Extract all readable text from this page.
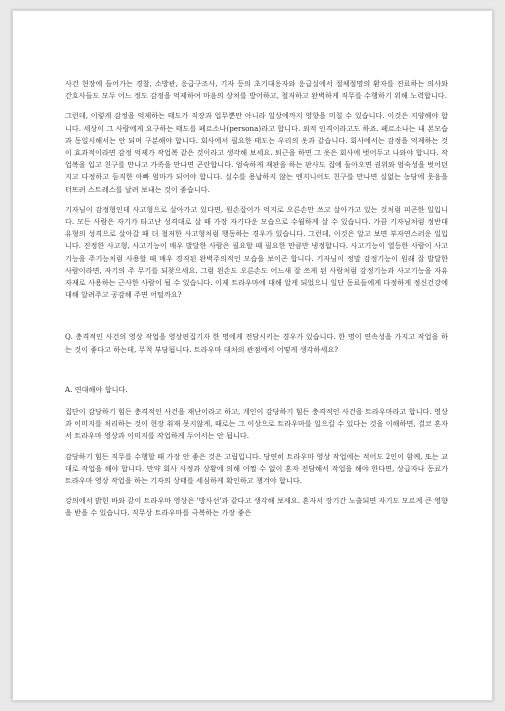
사건 현장에 들어가는 경찰, 소방관, 응급구조사, 기자 등의 초기대응자와 응급실에서 절체절명의 환자를 진료하는 의사와 간호사들도 모두 어느 정도 감정을 억제하여 마음의 상처를 방어하고, 철저하고 완벽하게 직무를 수행하기 위해 노력합니다.

그런데, 이렇게 감정을 억제하는 태도가 직장과 업무뿐만 아니라 일상에까지 영향을 미칠 수 있습니다. 이것은 지양해야 합니다. 세상이 그 사람에게 요구하는 태도를 페르소나(persona)라고 합니다. 외적 인격이라고도 하죠. 페르소나는 내 본모습과 동일시해서는 안 되며 구분해야 합니다. 회사에서 필요한 태도는 우리의 옷과 같습니다. 회사에서는 감정을 억제하는 것이 효과적이라면 감정 억제가 작업복 같은 것이라고 생각해 보세요. 퇴근을 하면 그 옷은 회사에 벗어두고 나와야 합니다. 작업복을 입고 친구를 만나고 가족을 만나면 곤란합니다. 엄숙하게 재판을 하는 판사도 집에 돌아오면 권위와 엄숙성을 벗어던지고 다정하고 듬직한 아빠 엄마가 되어야 합니다. 실수를 용납하지 않는 엔지니어도 친구를 만나면 실없는 농담에 웃음을 터뜨려 스트레스를 날려 보내는 것이 좋습니다.

기자님이 감정형인데 사고형으로 살아가고 있다면, 원손잡이가 억지로 오른손만 쓰고 살아가고 있는 것처럼 피곤한 일입니다. 모든 사람은 자기가 타고난 성격대로 살 때 가장 자기다운 모습으로 수월하게 살 수 있습니다. 가끔 기자님처럼 정반대 유형의 성격으로 살아갈 때 더 철저한 사고형처럼 행동하는 경우가 있습니다. 그런데, 이것은 알고 보면 부자연스러운 일입니다. 진정한 사고형, 사고기능이 매우 발달한 사람은 필요할 때 필요한 만큼만 냉정합니다. 사고기능이 열등한 사람이 사고기능을 주기능처럼 사용할 때 매우 경직된 완벽주의적인 모습을 보이곤 합니다. 기자님이 정말 감정기능이 원래 잘 발달한 사람이라면, 자기의 주 무기를 되찾으세요. 그럼 왼손도 오른손도 어느새 잘 쓰게 된 사람처럼 감정기능과 사고기능을 자유자재로 사용하는 근사한 사람이 될 수 있습니다. 이제 트라우마에 대해 알게 되었으니 일단 동료들에게 다정하게 정신건강에 대해 알려주고 공감해 주면 어떨까요?

Q. 충격적인 사건의 영상 작업을 영상편집기자 한 명에게 전담시키는 경우가 있습니다. 한 명이 연속성을 가지고 작업을 하는 것이 좋다고 하는데, 무척 부담됩니다. 트라우마 대처의 관점에서 어떻게 생각하세요?

A. 연대해야 합니다.

집단이 감당하기 힘든 충격적인 사건을 재난이라고 하고, 개인이 감당하기 힘든 충격적인 사건을 트라우마라고 합니다. 영상과 이미지를 처리하는 것이 현장 취재 못지않게, 때로는 그 이상으로 트라우마를 일으킬 수 있다는 것을 이해하면, 결코 혼자서 트라우마 영상과 이미지를 작업하게 두어서는 안 됩니다.

감당하기 힘든 직무를 수행할 때 가장 안 좋은 것은 고립입니다. 당연히 트라우마 영상 작업에는 적어도 2인이 함께, 또는 교대로 작업을 해야 합니다. 만약 회사 사정과 상황에 의해 어쩔 수 없이 혼자 전담해서 작업을 해야 한다면, 상급자나 동료가 트라우마 영상 작업을 하는 기자의 상태를 세심하게 확인하고 챙겨야 합니다.

강의에서 밝힌 바와 같이 트라우마 영상은 '방사선'과 같다고 생각해 보세요. 혼자서 장기간 노출되면 자기도 모르게 큰 영향을 받을 수 있습니다. 직무상 트라우마를 극복하는 가장 좋은
